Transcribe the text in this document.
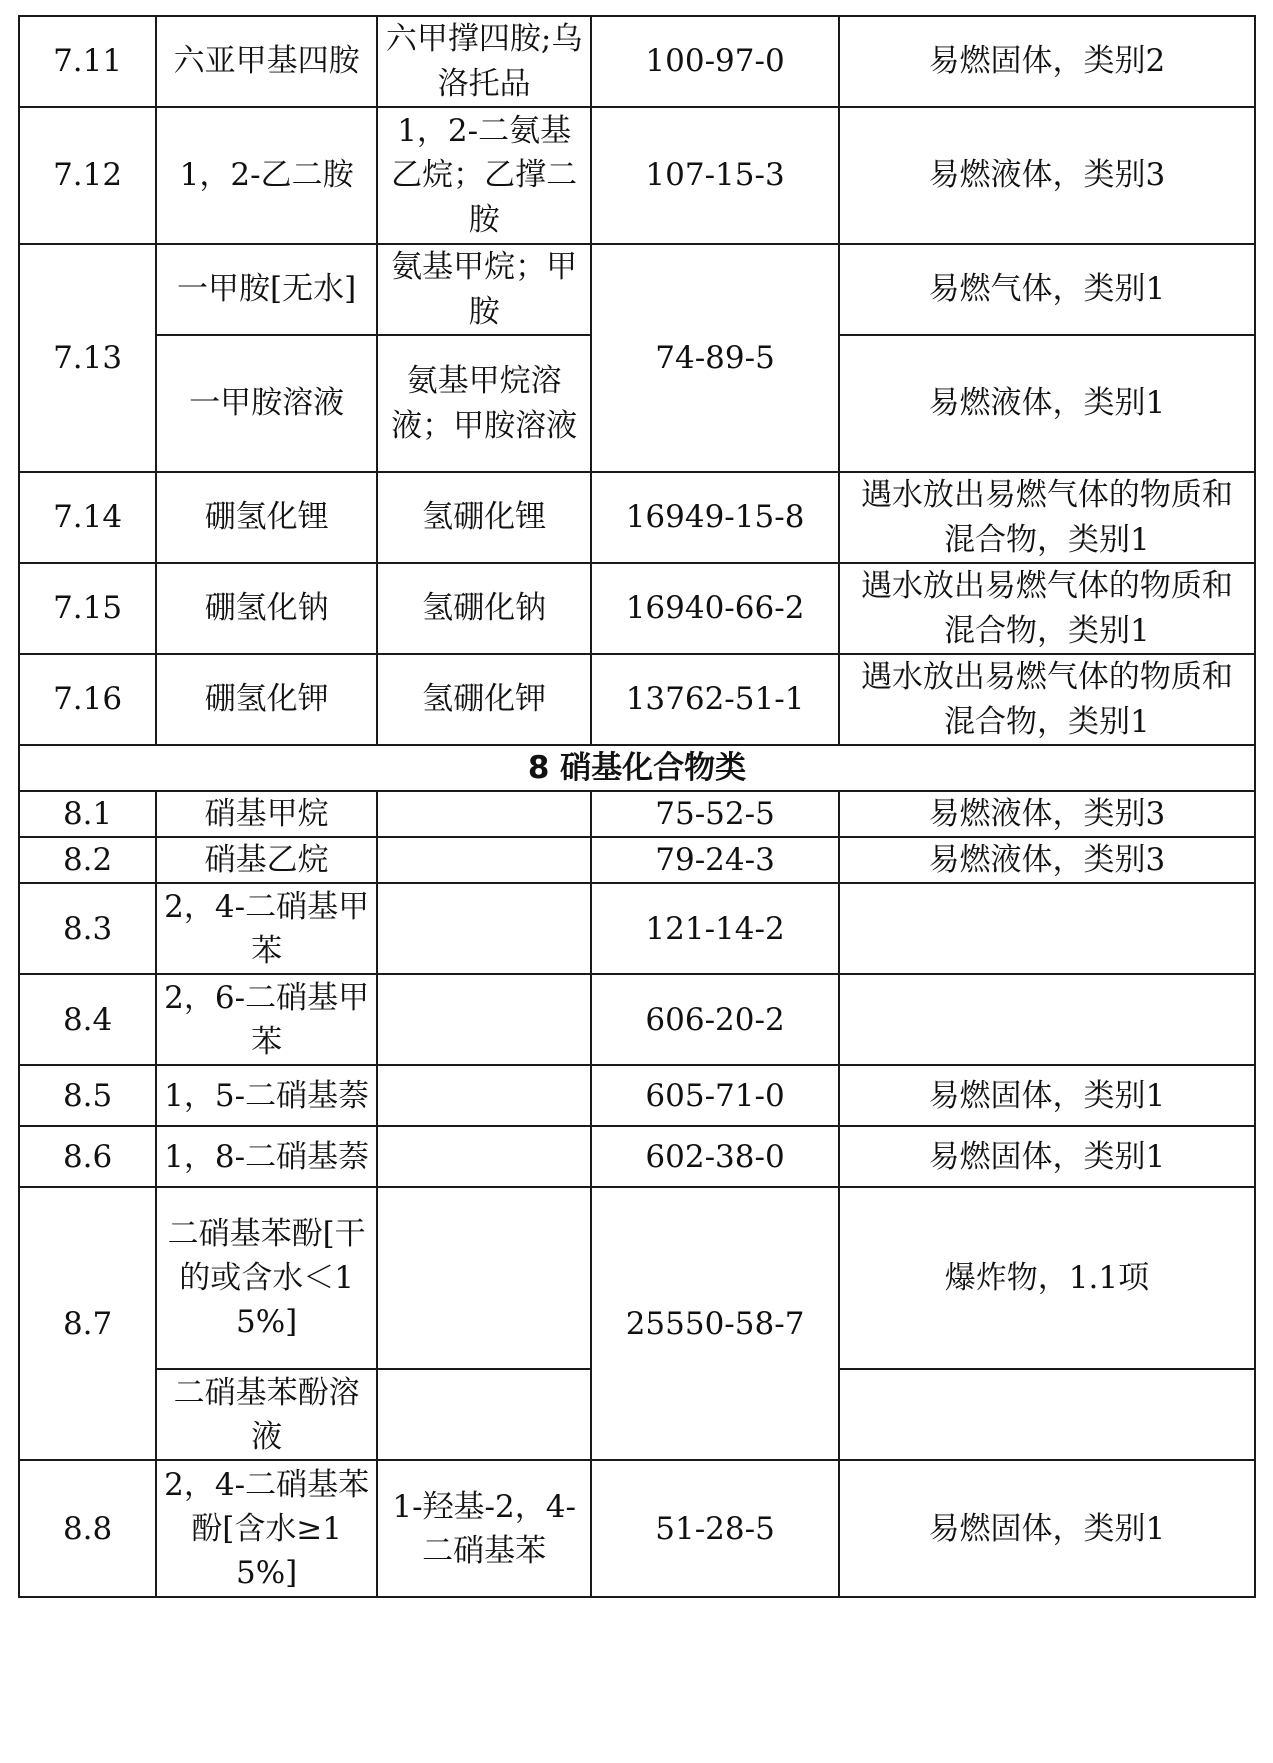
7.11	六亚甲基四胺	六甲撑四胺;乌洛托品	100-97-0	易燃固体，类别2
7.12	1，2-乙二胺	1，2-二氨基乙烷；乙撑二胺	107-15-3	易燃液体，类别3
7.13	一甲胺[无水]	氨基甲烷；甲胺	74-89-5	易燃气体，类别1
	一甲胺溶液	氨基甲烷溶液；甲胺溶液		易燃液体，类别1
7.14	硼氢化锂	氢硼化锂	16949-15-8	遇水放出易燃气体的物质和混合物，类别1
7.15	硼氢化钠	氢硼化钠	16940-66-2	遇水放出易燃气体的物质和混合物，类别1
7.16	硼氢化钾	氢硼化钾	13762-51-1	遇水放出易燃气体的物质和混合物，类别1
8 硝基化合物类				
8.1	硝基甲烷		75-52-5	易燃液体，类别3
8.2	硝基乙烷		79-24-3	易燃液体，类别3
8.3	2，4-二硝基甲苯		121-14-2	
8.4	2，6-二硝基甲苯		606-20-2	
8.5	1，5-二硝基萘		605-71-0	易燃固体，类别1
8.6	1，8-二硝基萘		602-38-0	易燃固体，类别1
8.7	二硝基苯酚[干的或含水＜15%]		25550-58-7	爆炸物，1.1项
	二硝基苯酚溶液			
8.8	2，4-二硝基苯酚[含水≥15%]	1-羟基-2，4-二硝基苯	51-28-5	易燃固体，类别1
